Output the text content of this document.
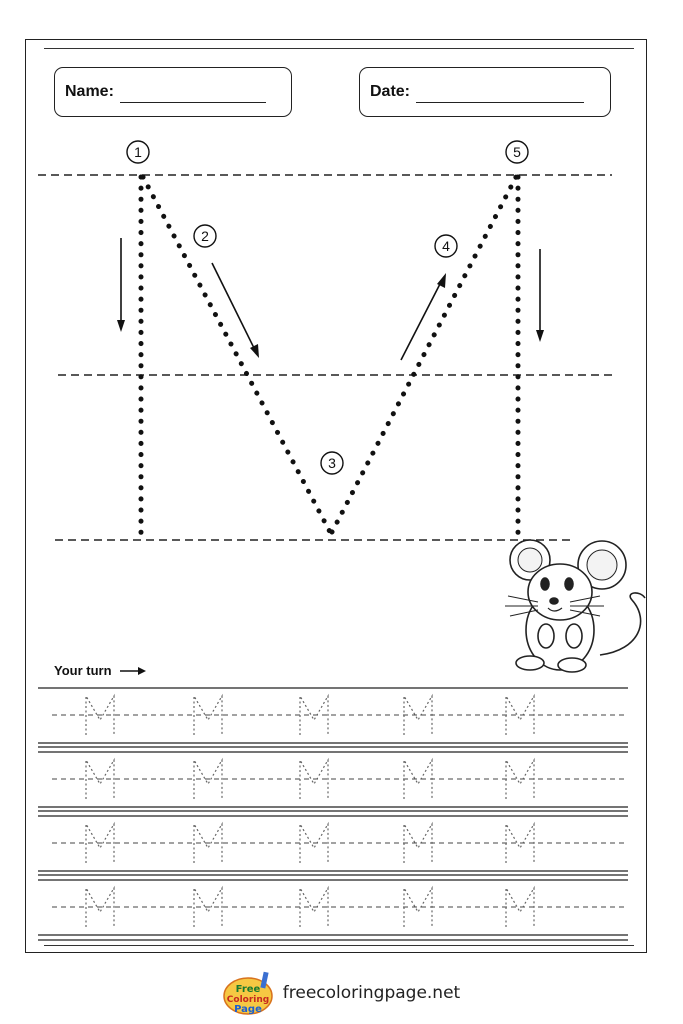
Name:	Date:
Your turn
1
2
3
4
5
Free
Coloring
Page
freecoloringpage.net
